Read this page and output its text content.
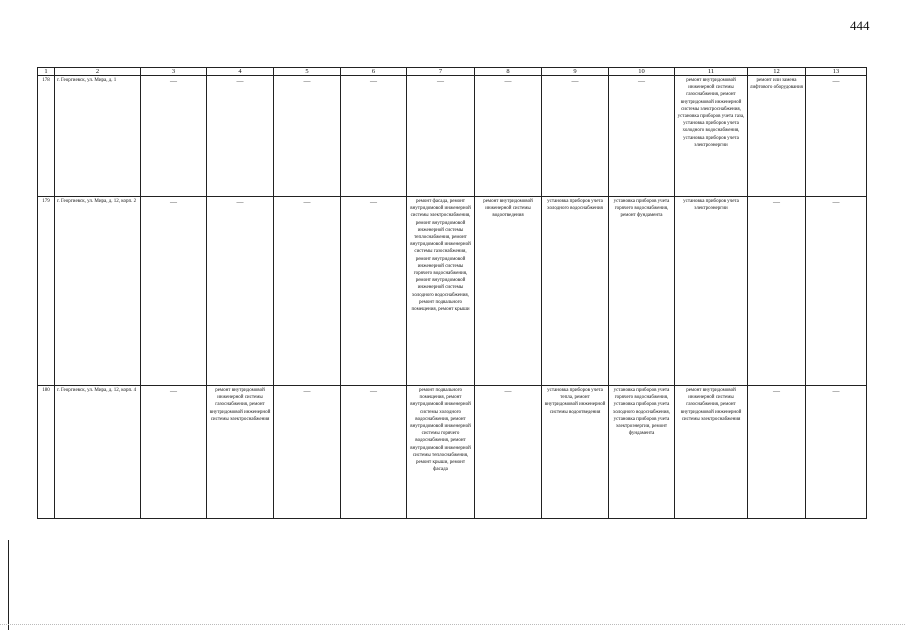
444
1	2	3	4	5	6	7	8	9	10	11	12	13
178	г. Георгиевск, ул. Мира, д. 1	—	—	—	—	—	—	—	—	ремонт внутридомовой инженерной системы газоснабжения, ремонт внутридомовой инженерной системы электроснабжения, установка приборов учета газа, установка приборов учета холодного водоснабжения, установка приборов учета электроэнергии	ремонт или замена лифтового оборудования	—

179	г. Георгиевск, ул. Мира, д. 12, корп. 2	—	—	—	—	ремонт фасада, ремонт внутридомовой инженерной системы электроснабжения, ремонт внутридомовой инженерной системы теплоснабжения, ремонт внутридомовой инженерной системы газоснабжения, ремонт внутридомовой инженерной системы горячего водоснабжения, ремонт внутридомовой инженерной системы холодного водоснабжения, ремонт подвального помещения, ремонт крыши	ремонт внутридомовой инженерной системы водоотведения	установка приборов учета холодного водоснабжения	установка приборов учета горячего водоснабжения, ремонт фундамента	установка приборов учета электроэнергии	—	—

180	г. Георгиевск, ул. Мира, д. 12, корп. 4	—	ремонт внутридомовой инженерной системы газоснабжения, ремонт внутридомовой инженерной системы электроснабжения	—	—	ремонт подвального помещения, ремонт внутридомовой инженерной системы холодного водоснабжения, ремонт внутридомовой инженерной системы горячего водоснабжения, ремонт внутридомовой инженерной системы теплоснабжения, ремонт крыши, ремонт фасада	—	установка приборов учета тепла, ремонт внутридомовой инженерной системы водоотведения	установка приборов учета горячего водоснабжения, установка приборов учета холодного водоснабжения, установка приборов учета электроэнергии, ремонт фундамента	ремонт внутридомовой инженерной системы газоснабжения, ремонт внутридомовой инженерной системы электроснабжения	—	—
